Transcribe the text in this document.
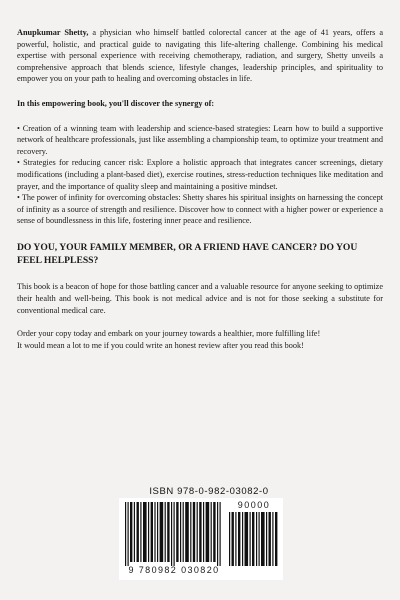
Anupkumar Shetty, a physician who himself battled colorectal cancer at the age of 41 years, offers a powerful, holistic, and practical guide to navigating this life-altering challenge. Combining his medical expertise with personal experience with receiving chemotherapy, radiation, and surgery, Shetty unveils a comprehensive approach that blends science, lifestyle changes, leadership principles, and spirituality to empower you on your path to healing and overcoming obstacles in life.

In this empowering book, you'll discover the synergy of:

• Creation of a winning team with leadership and science-based strategies: Learn how to build a supportive network of healthcare professionals, just like assembling a championship team, to optimize your treatment and recovery.

• Strategies for reducing cancer risk: Explore a holistic approach that integrates cancer screenings, dietary modifications (including a plant-based diet), exercise routines, stress-reduction techniques like meditation and prayer, and the importance of quality sleep and maintaining a positive mindset.

• The power of infinity for overcoming obstacles: Shetty shares his spiritual insights on harnessing the concept of infinity as a source of strength and resilience. Discover how to connect with a higher power or experience a sense of boundlessness in this life, fostering inner peace and resilience.

DO YOU, YOUR FAMILY MEMBER, OR A FRIEND HAVE CANCER? DO YOU FEEL HELPLESS?

This book is a beacon of hope for those battling cancer and a valuable resource for anyone seeking to optimize their health and well-being. This book is not medical advice and is not for those seeking a substitute for conventional medical care.

Order your copy today and embark on your journey towards a healthier, more fulfilling life!

It would mean a lot to me if you could write an honest review after you read this book!

ISBN 978-0-982-03082-0
90000
9 780982 030820
